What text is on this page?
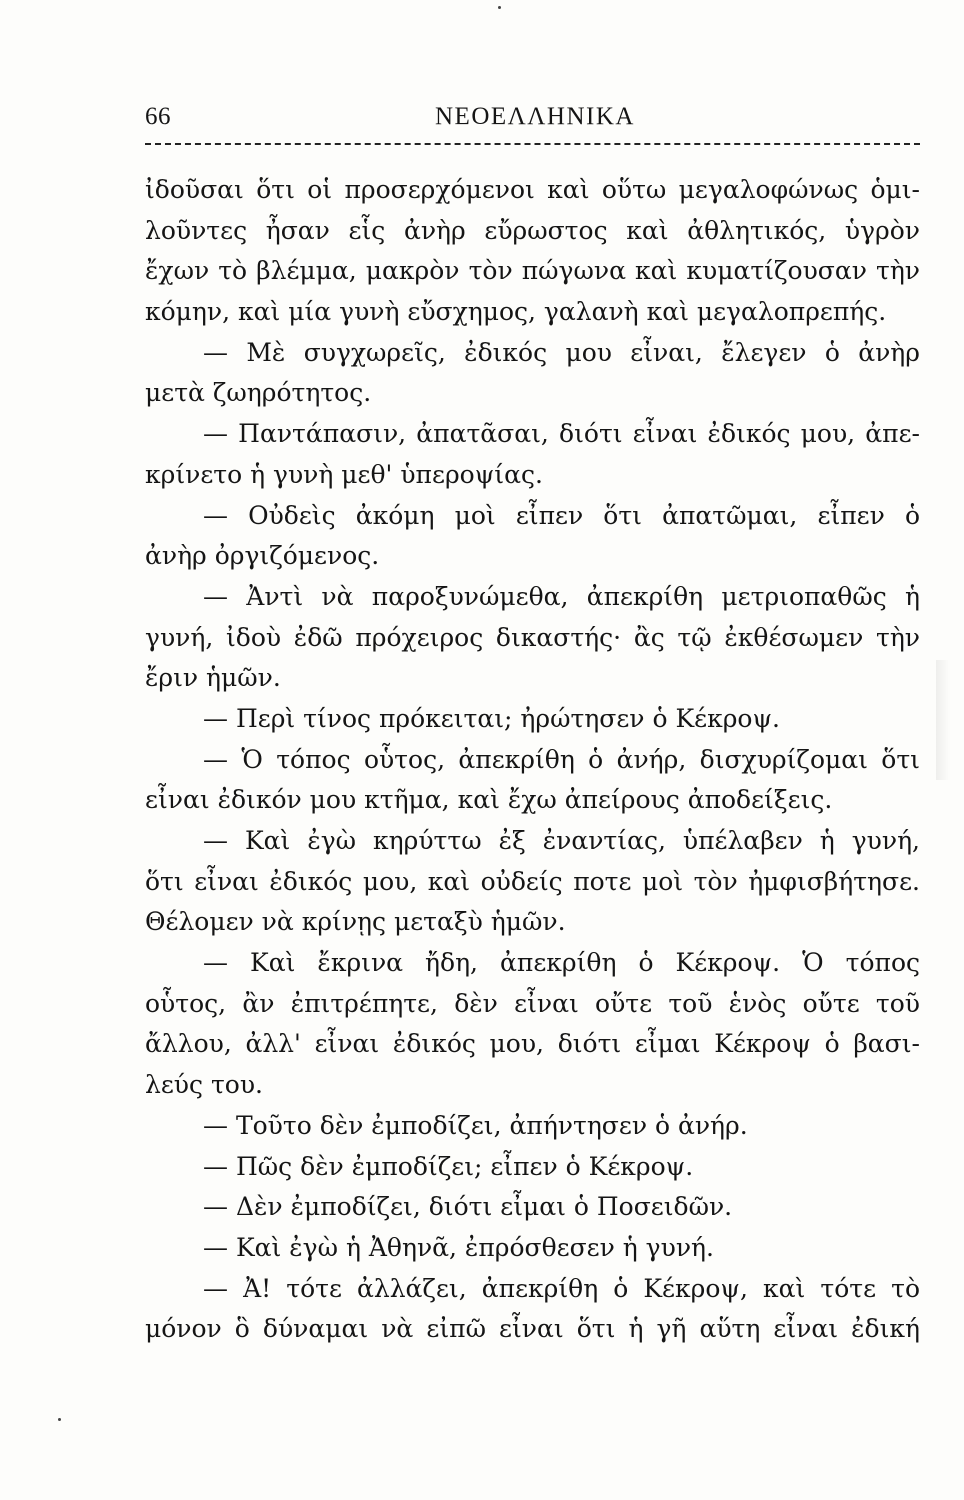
66	ΝΕΟΕΛΛΗΝΙΚΑ
ἰδοῦσαι ὅτι οἱ προσερχόμενοι καὶ οὕτω μεγαλοφώνως ὁμι-
λοῦντες ἦσαν εἷς ἀνὴρ εὔρωστος καὶ ἀθλητικός, ὑγρὸν
ἔχων τὸ βλέμμα, μακρὸν τὸν πώγωνα καὶ κυματίζουσαν τὴν
κόμην, καὶ μία γυνὴ εὔσχημος, γαλανὴ καὶ μεγαλοπρεπής.
— Μὲ συγχωρεῖς, ἐδικός μου εἶναι, ἔλεγεν ὁ ἀνὴρ
μετὰ ζωηρότητος.
— Παντάπασιν, ἀπατᾶσαι, διότι εἶναι ἐδικός μου, ἀπε-
κρίνετο ἡ γυνὴ μεθ' ὑπεροψίας.
— Οὐδεὶς ἀκόμη μοὶ εἶπεν ὅτι ἀπατῶμαι, εἶπεν ὁ
ἀνὴρ ὀργιζόμενος.
— Ἀντὶ νὰ παροξυνώμεθα, ἀπεκρίθη μετριοπαθῶς ἡ
γυνή, ἰδοὺ ἐδῶ πρόχειρος δικαστής· ἂς τῷ ἐκθέσωμεν τὴν
ἔριν ἡμῶν.
— Περὶ τίνος πρόκειται; ἠρώτησεν ὁ Κέκροψ.
— Ὁ τόπος οὗτος, ἀπεκρίθη ὁ ἀνήρ, δισχυρίζομαι ὅτι
εἶναι ἐδικόν μου κτῆμα, καὶ ἔχω ἀπείρους ἀποδείξεις.
— Καὶ ἐγὼ κηρύττω ἐξ ἐναντίας, ὑπέλαβεν ἡ γυνή,
ὅτι εἶναι ἐδικός μου, καὶ οὐδείς ποτε μοὶ τὸν ἠμφισβήτησε.
Θέλομεν νὰ κρίνῃς μεταξὺ ἡμῶν.
— Καὶ ἔκρινα ἤδη, ἀπεκρίθη ὁ Κέκροψ. Ὁ τόπος
οὗτος, ἂν ἐπιτρέπητε, δὲν εἶναι οὔτε τοῦ ἑνὸς οὔτε τοῦ
ἄλλου, ἀλλ' εἶναι ἐδικός μου, διότι εἶμαι Κέκροψ ὁ βασι-
λεύς του.
— Τοῦτο δὲν ἐμποδίζει, ἀπήντησεν ὁ ἀνήρ.
— Πῶς δὲν ἐμποδίζει; εἶπεν ὁ Κέκροψ.
— Δὲν ἐμποδίζει, διότι εἶμαι ὁ Ποσειδῶν.
— Καὶ ἐγὼ ἡ Ἀθηνᾶ, ἐπρόσθεσεν ἡ γυνή.
— Ἀ! τότε ἀλλάζει, ἀπεκρίθη ὁ Κέκροψ, καὶ τότε τὸ
μόνον ὃ δύναμαι νὰ εἰπῶ εἶναι ὅτι ἡ γῆ αὕτη εἶναι ἐδική
